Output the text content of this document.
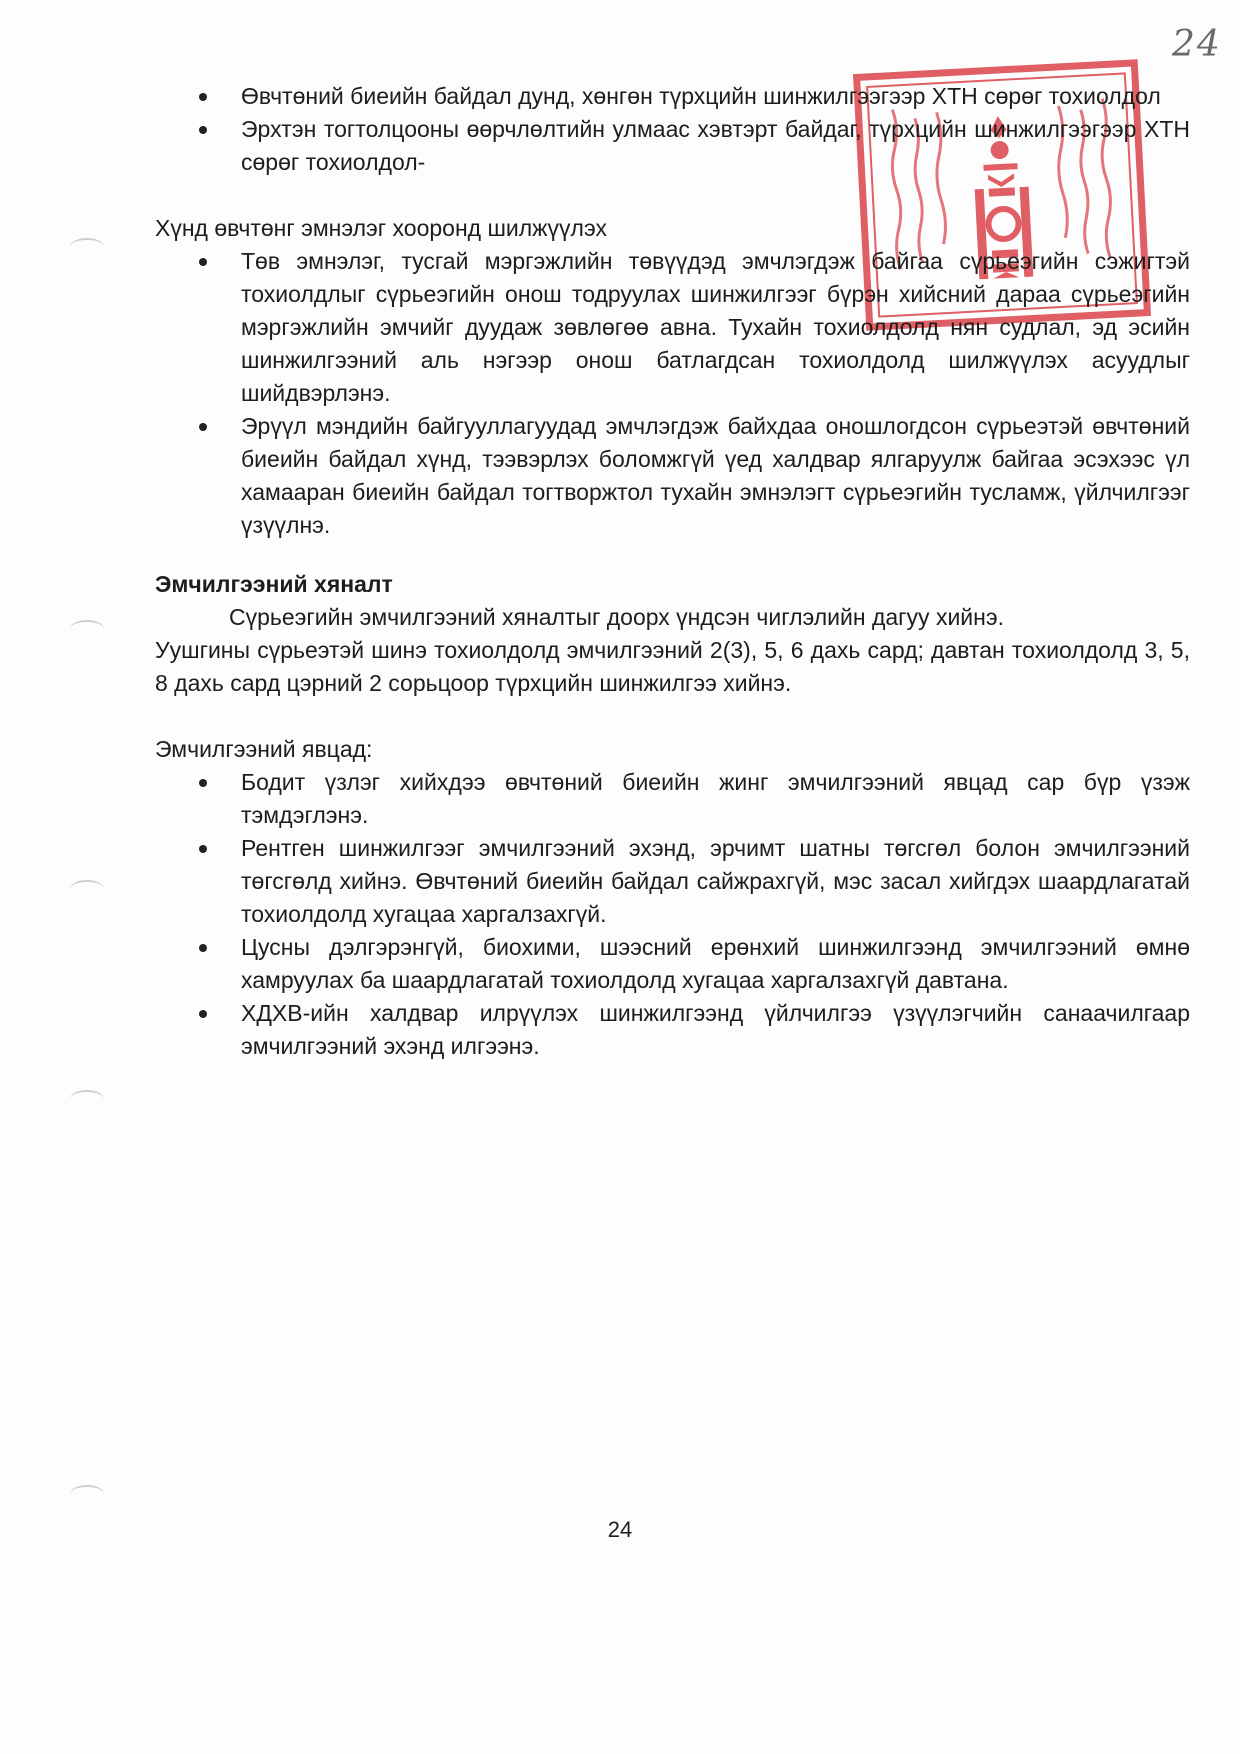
24
Өвчтөний биеийн байдал дунд, хөнгөн түрхцийн шинжилгээгээр ХТН сөрөг тохиолдол
Эрхтэн тогтолцооны өөрчлөлтийн улмаас хэвтэрт байдаг, түрхцийн шинжилгээгээр ХТН сөрөг тохиолдол-

Хүнд өвчтөнг эмнэлэг хооронд шилжүүлэх

Төв эмнэлэг, тусгай мэргэжлийн төвүүдэд эмчлэгдэж байгаа сүрьеэгийн сэжигтэй тохиолдлыг сүрьеэгийн онош тодруулах шинжилгээг бүрэн хийсний дараа сүрьеэгийн мэргэжлийн эмчийг дуудаж зөвлөгөө авна. Тухайн тохиолдолд нян судлал, эд эсийн шинжилгээний аль нэгээр онош батлагдсан тохиолдолд шилжүүлэх асуудлыг шийдвэрлэнэ.
Эрүүл мэндийн байгууллагуудад эмчлэгдэж байхдаа оношлогдсон сүрьеэтэй өвчтөний биеийн байдал хүнд, тээвэрлэх боломжгүй үед халдвар ялгаруулж байгаа эсэхээс үл хамааран биеийн байдал тогтворжтол тухайн эмнэлэгт сүрьеэгийн тусламж, үйлчилгээг үзүүлнэ.

Эмчилгээний хяналт

Сүрьеэгийн эмчилгээний хяналтыг доорх үндсэн чиглэлийн дагуу хийнэ.

Уушгины сүрьеэтэй шинэ тохиолдолд эмчилгээний 2(3), 5, 6 дахь сард; давтан тохиолдолд 3, 5, 8 дахь сард цэрний 2 сорьцоор түрхцийн шинжилгээ хийнэ.

Эмчилгээний явцад:

Бодит үзлэг хийхдээ өвчтөний биеийн жинг эмчилгээний явцад сар бүр үзэж тэмдэглэнэ.
Рентген шинжилгээг эмчилгээний эхэнд, эрчимт шатны төгсгөл болон эмчилгээний төгсгөлд хийнэ. Өвчтөний биеийн байдал сайжрахгүй, мэс засал хийгдэх шаардлагатай тохиолдолд хугацаа харгалзахгүй.
Цусны дэлгэрэнгүй, биохими, шээсний ерөнхий шинжилгээнд эмчилгээний өмнө хамруулах ба шаардлагатай тохиолдолд хугацаа харгалзахгүй давтана.
ХДХВ-ийн халдвар илрүүлэх шинжилгээнд үйлчилгээ үзүүлэгчийн санаачилгаар эмчилгээний эхэнд илгээнэ.
24
